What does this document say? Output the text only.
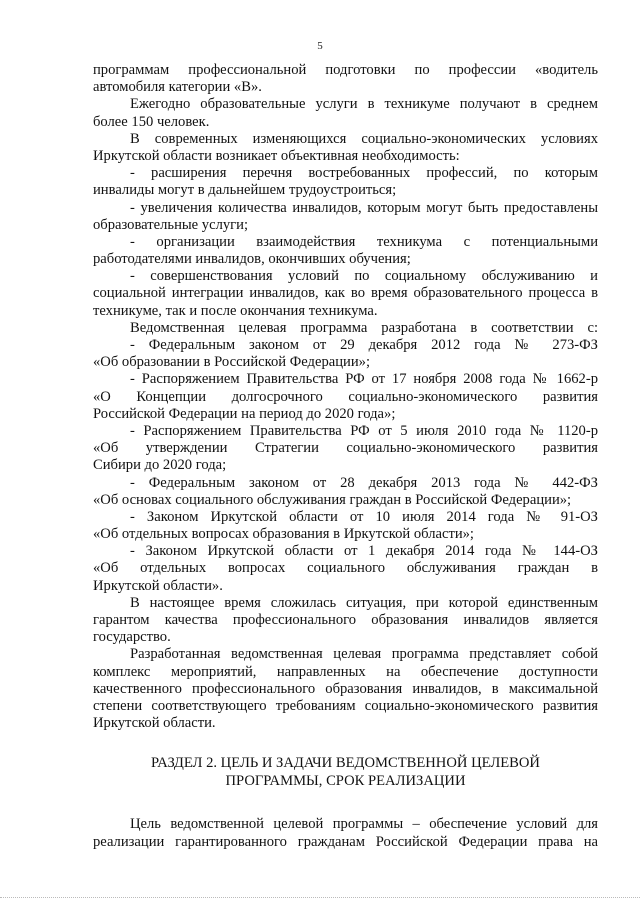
5
программам профессиональной подготовки по профессии «водитель
автомобиля категории «В».
Ежегодно образовательные услуги в техникуме получают в среднем
более 150 человек.
В современных изменяющихся социально-экономических условиях
Иркутской области возникает объективная необходимость:
- расширения перечня востребованных профессий, по которым
инвалиды могут в дальнейшем трудоустроиться;
- увеличения количества инвалидов, которым могут быть предоставлены
образовательные услуги;
- организации взаимодействия техникума с потенциальными
работодателями инвалидов, окончивших обучения;
- совершенствования условий по социальному обслуживанию и
социальной интеграции инвалидов, как во время образовательного процесса в
техникуме, так и после окончания техникума.
Ведомственная целевая программа разработана в соответствии с:
- Федеральным законом от 29 декабря 2012 года № 273-ФЗ
«Об образовании в Российской Федерации»;
- Распоряжением Правительства РФ от 17 ноября 2008 года № 1662-р
«О Концепции долгосрочного социально-экономического развития
Российской Федерации на период до 2020 года»;
- Распоряжением Правительства РФ от 5 июля 2010 года № 1120-р
«Об утверждении Стратегии социально-экономического развития
Сибири до 2020 года;
- Федеральным законом от 28 декабря 2013 года № 442-ФЗ
«Об основах социального обслуживания граждан в Российской Федерации»;
- Законом Иркутской области от 10 июля 2014 года № 91-ОЗ
«Об отдельных вопросах образования в Иркутской области»;
- Законом Иркутской области от 1 декабря 2014 года № 144-ОЗ
«Об отдельных вопросах социального обслуживания граждан в
Иркутской области».
В настоящее время сложилась ситуация, при которой единственным
гарантом качества профессионального образования инвалидов является
государство.
Разработанная ведомственная целевая программа представляет собой
комплекс мероприятий, направленных на обеспечение доступности
качественного профессионального образования инвалидов, в максимальной
степени соответствующего требованиям социально-экономического развития
Иркутской области.
РАЗДЕЛ 2. ЦЕЛЬ И ЗАДАЧИ ВЕДОМСТВЕННОЙ ЦЕЛЕВОЙ
ПРОГРАММЫ, СРОК РЕАЛИЗАЦИИ
Цель ведомственной целевой программы – обеспечение условий для
реализации гарантированного гражданам Российской Федерации права на
